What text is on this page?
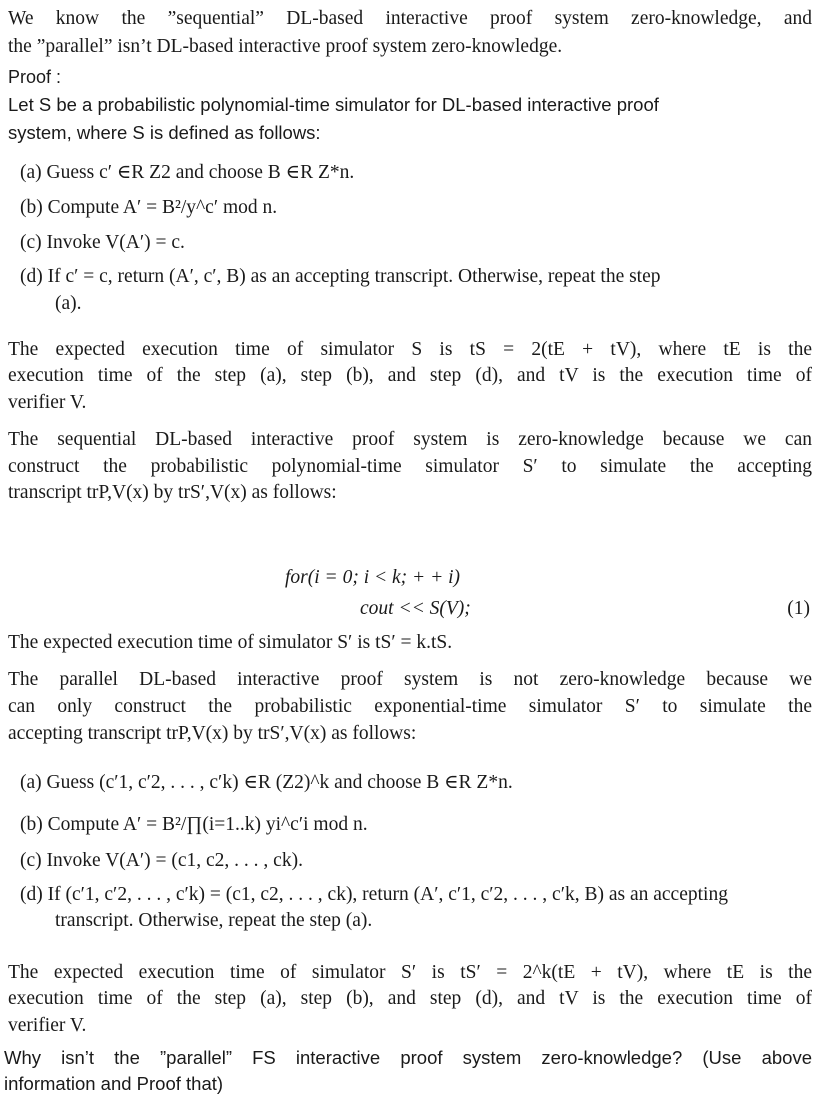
We know the ”sequential” DL-based interactive proof system zero-knowledge, and
the ”parallel” isn’t DL-based interactive proof system zero-knowledge.
Proof :
Let S be a probabilistic polynomial-time simulator for DL-based interactive proof
system, where S is defined as follows:
(a) Guess c′ ∈R Z2 and choose B ∈R Z*n.
(b) Compute A′ = B²/y^c′ mod n.
(c) Invoke V(A′) = c.
(d) If c′ = c, return (A′, c′, B) as an accepting transcript. Otherwise, repeat the step
(a).
The expected execution time of simulator S is tS = 2(tE + tV), where tE is the
execution time of the step (a), step (b), and step (d), and tV is the execution time of
verifier V.
The sequential DL-based interactive proof system is zero-knowledge because we can
construct the probabilistic polynomial-time simulator S′ to simulate the accepting
transcript trP,V(x) by trS′,V(x) as follows:
for(i = 0; i < k; + + i)
cout << S(V);	(1)
The expected execution time of simulator S′ is tS′ = k.tS.
The parallel DL-based interactive proof system is not zero-knowledge because we
can only construct the probabilistic exponential-time simulator S′ to simulate the
accepting transcript trP,V(x) by trS′,V(x) as follows:
(a) Guess (c′1, c′2, . . . , c′k) ∈R (Z2)^k and choose B ∈R Z*n.
(b) Compute A′ = B²/∏(i=1..k) yi^c′i mod n.
(c) Invoke V(A′) = (c1, c2, . . . , ck).
(d) If (c′1, c′2, . . . , c′k) = (c1, c2, . . . , ck), return (A′, c′1, c′2, . . . , c′k, B) as an accepting
transcript. Otherwise, repeat the step (a).
The expected execution time of simulator S′ is tS′ = 2^k(tE + tV), where tE is the
execution time of the step (a), step (b), and step (d), and tV is the execution time of
verifier V.
Why isn’t the ”parallel” FS interactive proof system zero-knowledge? (Use above
information and Proof that)
